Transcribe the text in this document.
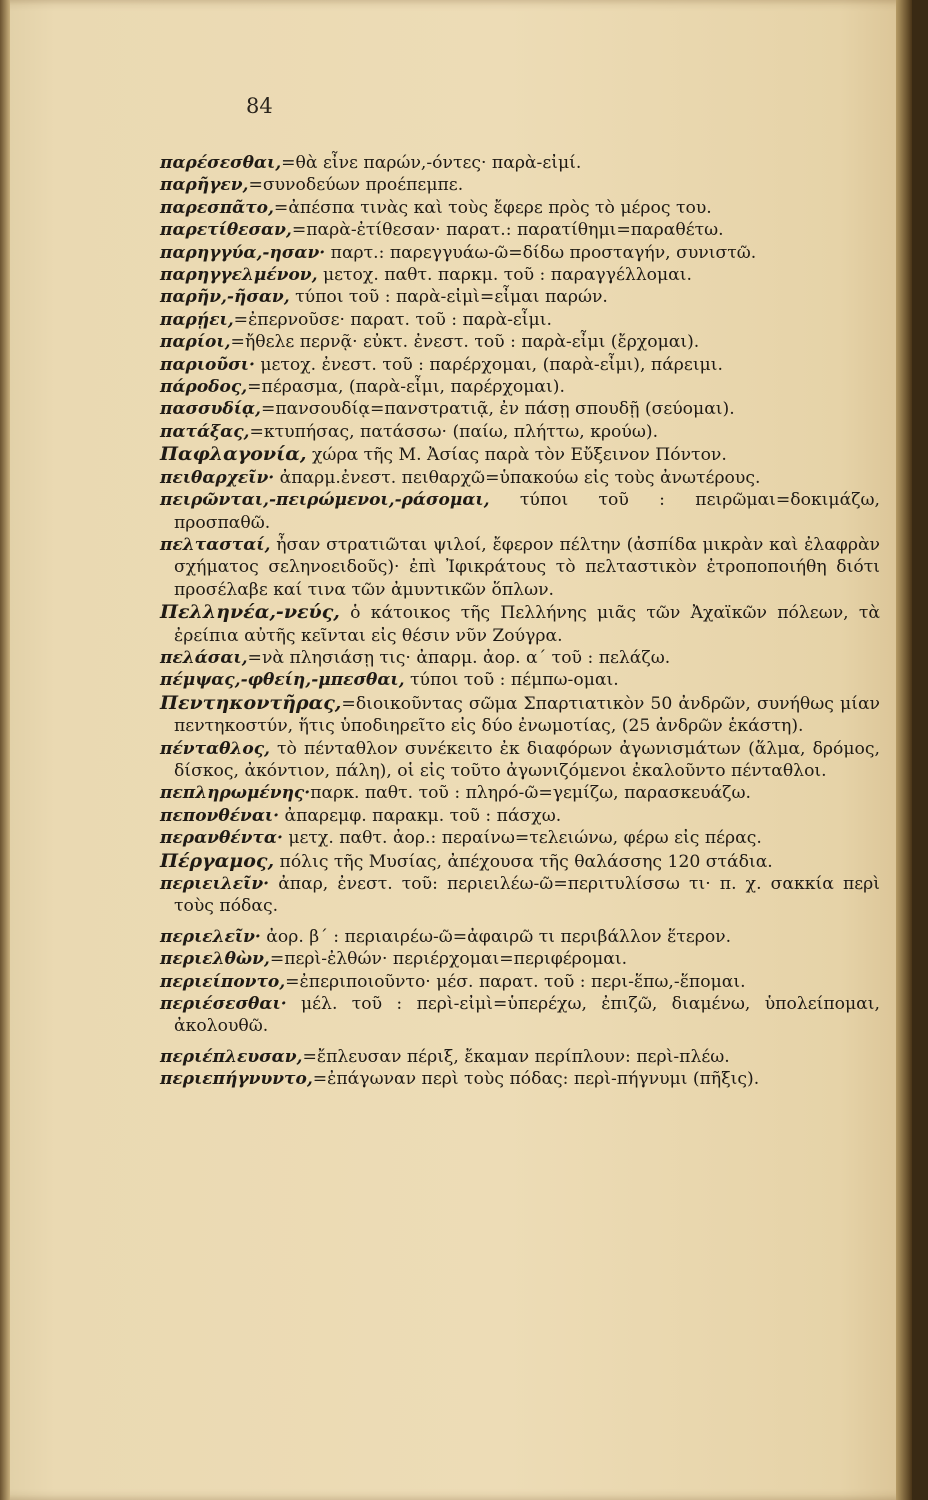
84

παρέσεσθαι,=θὰ εἶνε παρών,-όντες· παρὰ-εἰμί.

παρῆγεν,=συνοδεύων προέπεμπε.

παρεσπᾶτο,=ἀπέσπα τινὰς καὶ τοὺς ἔφερε πρὸς τὸ μέρος του.

παρετίθεσαν,=παρὰ-ἐτίθεσαν· παρατ.: παρατίθημι=παραθέτω.

παρηγγύα,-ησαν· παρτ.: παρεγγυάω-ῶ=δίδω προσταγήν, συνιστῶ.

παρηγγελμένον, μετοχ. παθτ. παρκμ. τοῦ : παραγγέλλομαι.

παρῆν,-ῆσαν, τύποι τοῦ : παρὰ-εἰμὶ=εἶμαι παρών.

παρῄει,=ἐπερνοῦσε· παρατ. τοῦ : παρὰ-εἶμι.

παρίοι,=ἤθελε περνᾷ· εὐκτ. ἐνεστ. τοῦ : παρὰ-εἶμι (ἔρχομαι).

παριοῦσι· μετοχ. ἐνεστ. τοῦ : παρέρχομαι, (παρὰ-εἶμι), πάρειμι.

πάροδος,=πέρασμα, (παρὰ-εἶμι, παρέρχομαι).

πασσυδίᾳ,=πανσουδίᾳ=πανστρατιᾷ, ἐν πάσῃ σπουδῇ (σεύομαι).

πατάξας,=κτυπήσας, πατάσσω· (παίω, πλήττω, κρούω).

Παφλαγονία, χώρα τῆς Μ. Ἀσίας παρὰ τὸν Εὔξεινον Πόντον.

πειθαρχεῖν· ἀπαρμ.ἐνεστ. πειθαρχῶ=ὑπακούω εἰς τοὺς ἀνωτέρους.

πειρῶνται,-πειρώμενοι,-ράσομαι, τύποι τοῦ : πειρῶμαι=δοκιμάζω, προσπαθῶ.

πελτασταί, ἦσαν στρατιῶται ψιλοί, ἔφερον πέλτην (ἀσπίδα μικρὰν καὶ ἐλαφρὰν σχήματος σεληνοειδοῦς)· ἐπὶ Ἰφικράτους τὸ πελταστικὸν ἐτροποποιήθη διότι προσέλαβε καί τινα τῶν ἀμυντικῶν ὅπλων.

Πελληνέα,-νεύς, ὁ κάτοικος τῆς Πελλήνης μιᾶς τῶν Ἀχαϊκῶν πόλεων, τὰ ἐρείπια αὐτῆς κεῖνται εἰς θέσιν νῦν Ζούγρα.

πελάσαι,=νὰ πλησιάσῃ τις· ἀπαρμ. ἀορ. α΄ τοῦ : πελάζω.

πέμψας,-φθείη,-μπεσθαι, τύποι τοῦ : πέμπω-ομαι.

Πεντηκοντῆρας,=διοικοῦντας σῶμα Σπαρτιατικὸν 50 ἀνδρῶν, συνήθως μίαν πεντηκοστύν, ἥτις ὑποδιηρεῖτο εἰς δύο ἐνωμοτίας, (25 ἀνδρῶν ἑκάστη).

πένταθλος, τὸ πένταθλον συνέκειτο ἐκ διαφόρων ἀγωνισμάτων (ἅλμα, δρόμος, δίσκος, ἀκόντιον, πάλη), οἱ εἰς τοῦτο ἀγωνιζόμενοι ἐκαλοῦντο πένταθλοι.

πεπληρωμένης·παρκ. παθτ. τοῦ : πληρό-ῶ=γεμίζω, παρασκευάζω.

πεπονθέναι· ἀπαρεμφ. παρακμ. τοῦ : πάσχω.

περανθέντα· μετχ. παθτ. ἀορ.: περαίνω=τελειώνω, φέρω εἰς πέρας.

Πέργαμος, πόλις τῆς Μυσίας, ἀπέχουσα τῆς θαλάσσης 120 στάδια.

περιειλεῖν· ἀπαρ, ἐνεστ. τοῦ: περιειλέω-ῶ=περιτυλίσσω τι· π. χ. σακκία περὶ τοὺς πόδας.

περιελεῖν· ἀορ. β΄ : περιαιρέω-ῶ=ἀφαιρῶ τι περιβάλλον ἕτερον.

περιελθὼν,=περὶ-ἐλθών· περιέρχομαι=περιφέρομαι.

περιείποντο,=ἐπεριποιοῦντο· μέσ. παρατ. τοῦ : περι-ἕπω,-ἕπομαι.

περιέσεσθαι· μέλ. τοῦ : περὶ-εἰμὶ=ὑπερέχω, ἐπιζῶ, διαμένω, ὑπολείπομαι, ἀκολουθῶ.

περιέπλευσαν,=ἔπλευσαν πέριξ, ἔκαμαν περίπλουν: περὶ-πλέω.

περιεπήγνυντο,=ἐπάγωναν περὶ τοὺς πόδας: περὶ-πήγνυμι (πῆξις).
